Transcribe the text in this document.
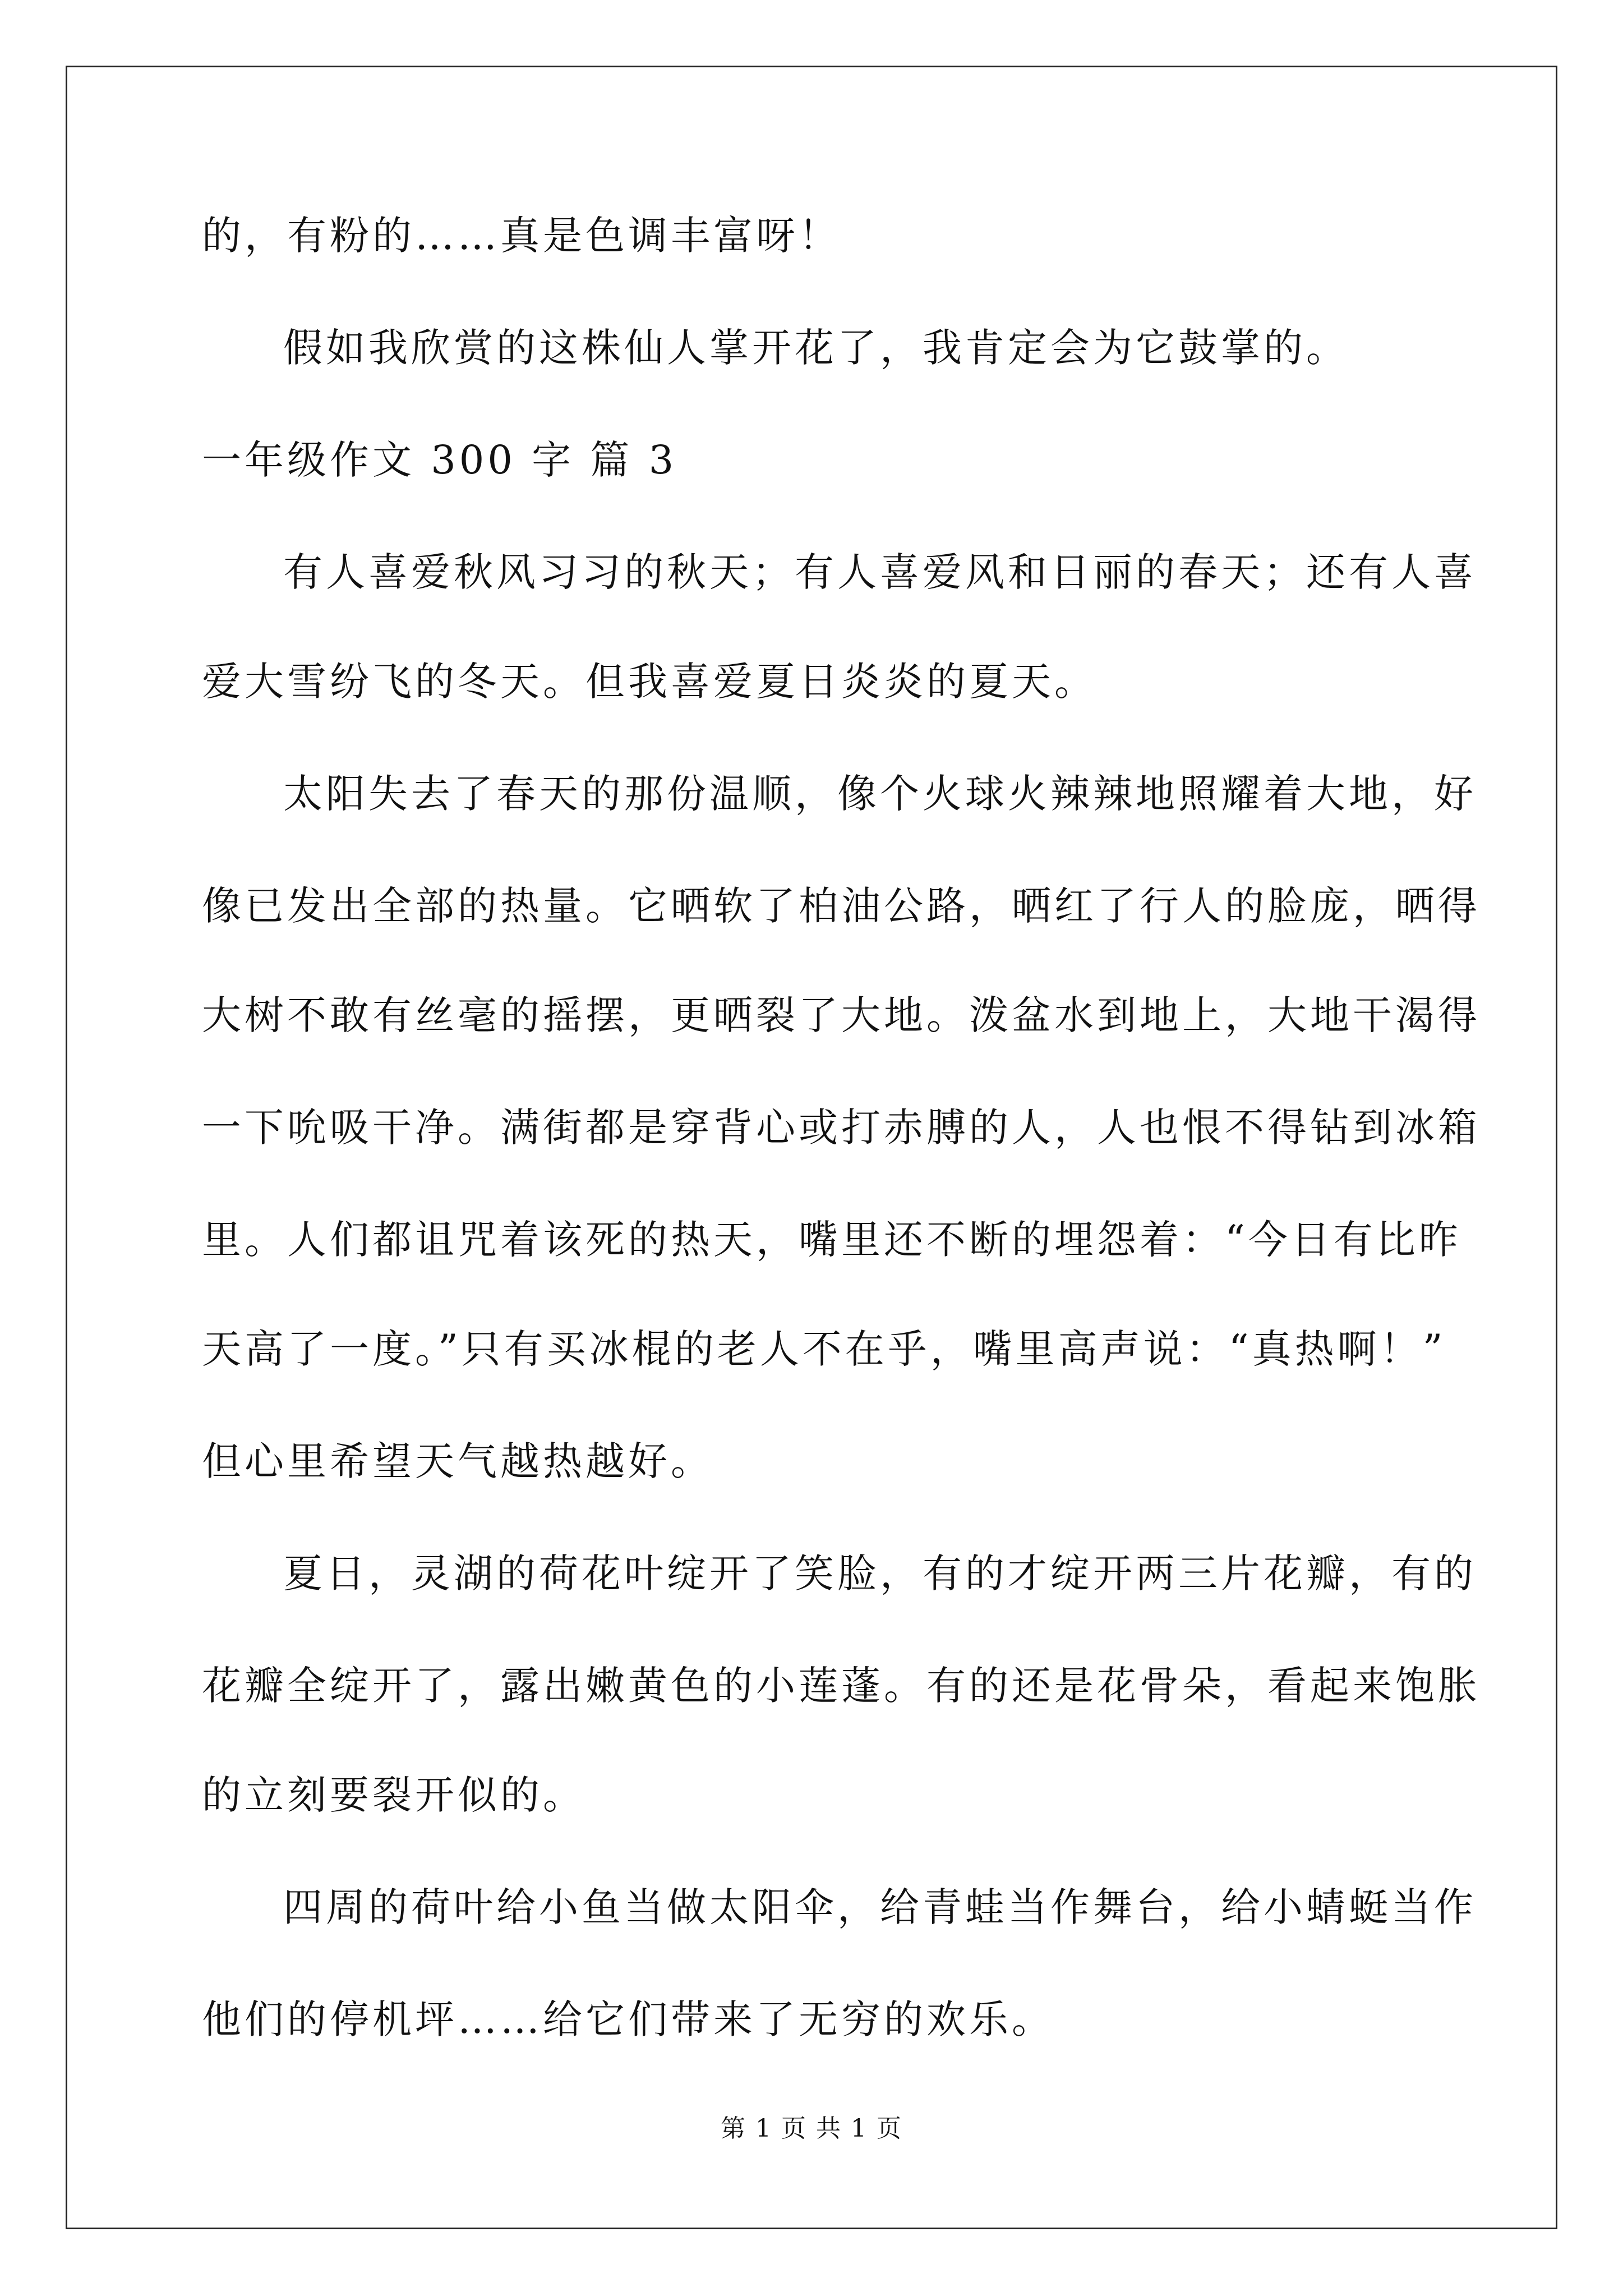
的，有粉的……真是色调丰富呀！
假如我欣赏的这株仙人掌开花了，我肯定会为它鼓掌的。
一年级作文 300 字 篇 3
有人喜爱秋风习习的秋天；有人喜爱风和日丽的春天；还有人喜
爱大雪纷飞的冬天。但我喜爱夏日炎炎的夏天。
太阳失去了春天的那份温顺，像个火球火辣辣地照耀着大地，好
像已发出全部的热量。它晒软了柏油公路，晒红了行人的脸庞，晒得
大树不敢有丝毫的摇摆，更晒裂了大地。泼盆水到地上，大地干渴得
一下吮吸干净。满街都是穿背心或打赤膊的人，人也恨不得钻到冰箱
里。人们都诅咒着该死的热天，嘴里还不断的埋怨着：“今日有比昨
天高了一度。”只有买冰棍的老人不在乎，嘴里高声说：“真热啊！”
但心里希望天气越热越好。
夏日，灵湖的荷花叶绽开了笑脸，有的才绽开两三片花瓣，有的
花瓣全绽开了，露出嫩黄色的小莲蓬。有的还是花骨朵，看起来饱胀
的立刻要裂开似的。
四周的荷叶给小鱼当做太阳伞，给青蛙当作舞台，给小蜻蜓当作
他们的停机坪……给它们带来了无穷的欢乐。
第 1 页 共 1 页
